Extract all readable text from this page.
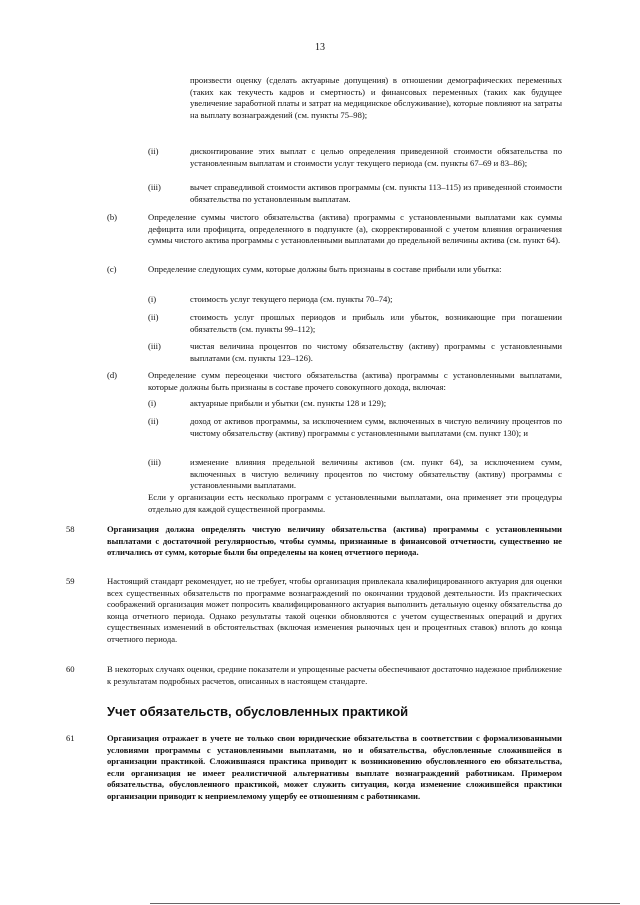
13
произвести оценку (сделать актуарные допущения) в отношении демографических переменных (таких как текучесть кадров и смертность) и финансовых переменных (таких как будущее увеличение заработной платы и затрат на медицинское обслуживание), которые повлияют на затраты на выплату вознаграждений (см. пункты 75–98);
(ii)	дисконтирование этих выплат с целью определения приведенной стоимости обязательства по установленным выплатам и стоимости услуг текущего периода (см. пункты 67–69 и 83–86);
(iii)	вычет справедливой стоимости активов программы (см. пункты 113–115) из приведенной стоимости обязательства по установленным выплатам.
(b)	Определение суммы чистого обязательства (актива) программы с установленными выплатами как суммы дефицита или профицита, определенного в подпункте (a), скорректированной с учетом влияния ограничения суммы чистого актива программы с установленными выплатами до предельной величины актива (см. пункт 64).
(c)	Определение следующих сумм, которые должны быть признаны в составе прибыли или убытка:
(i)	стоимость услуг текущего периода (см. пункты 70–74);
(ii)	стоимость услуг прошлых периодов и прибыль или убыток, возникающие при погашении обязательств (см. пункты 99–112);
(iii)	чистая величина процентов по чистому обязательству (активу) программы с установленными выплатами (см. пункты 123–126).
(d)	Определение сумм переоценки чистого обязательства (актива) программы с установленными выплатами, которые должны быть признаны в составе прочего совокупного дохода, включая:
(i)	актуарные прибыли и убытки (см. пункты 128 и 129);
(ii)	доход от активов программы, за исключением сумм, включенных в чистую величину процентов по чистому обязательству (активу) программы с установленными выплатами (см. пункт 130); и
(iii)	изменение влияния предельной величины активов (см. пункт 64), за исключением сумм, включенных в чистую величину процентов по чистому обязательству (активу) программы с установленными выплатами.
Если у организации есть несколько программ с установленными выплатами, она применяет эти процедуры отдельно для каждой существенной программы.
58	Организация должна определять чистую величину обязательства (актива) программы с установленными выплатами с достаточной регулярностью, чтобы суммы, признанные в финансовой отчетности, существенно не отличались от сумм, которые были бы определены на конец отчетного периода.
59	Настоящий стандарт рекомендует, но не требует, чтобы организация привлекала квалифицированного актуария для оценки всех существенных обязательств по программе вознаграждений по окончании трудовой деятельности. Из практических соображений организация может попросить квалифицированного актуария выполнить детальную оценку обязательства до конца отчетного периода. Однако результаты такой оценки обновляются с учетом существенных операций и других существенных изменений в обстоятельствах (включая изменения рыночных цен и процентных ставок) вплоть до конца отчетного периода.
60	В некоторых случаях оценки, средние показатели и упрощенные расчеты обеспечивают достаточно надежное приближение к результатам подробных расчетов, описанных в настоящем стандарте.
Учет обязательств, обусловленных практикой
61	Организация отражает в учете не только свои юридические обязательства в соответствии с формализованными условиями программы с установленными выплатами, но и обязательства, обусловленные сложившейся в организации практикой. Сложившаяся практика приводит к возникновению обусловленного ею обязательства, если организация не имеет реалистичной альтернативы выплате вознаграждений работникам. Примером обязательства, обусловленного практикой, может служить ситуация, когда изменение сложившейся практики организации приводит к неприемлемому ущербу ее отношениям с работниками.
